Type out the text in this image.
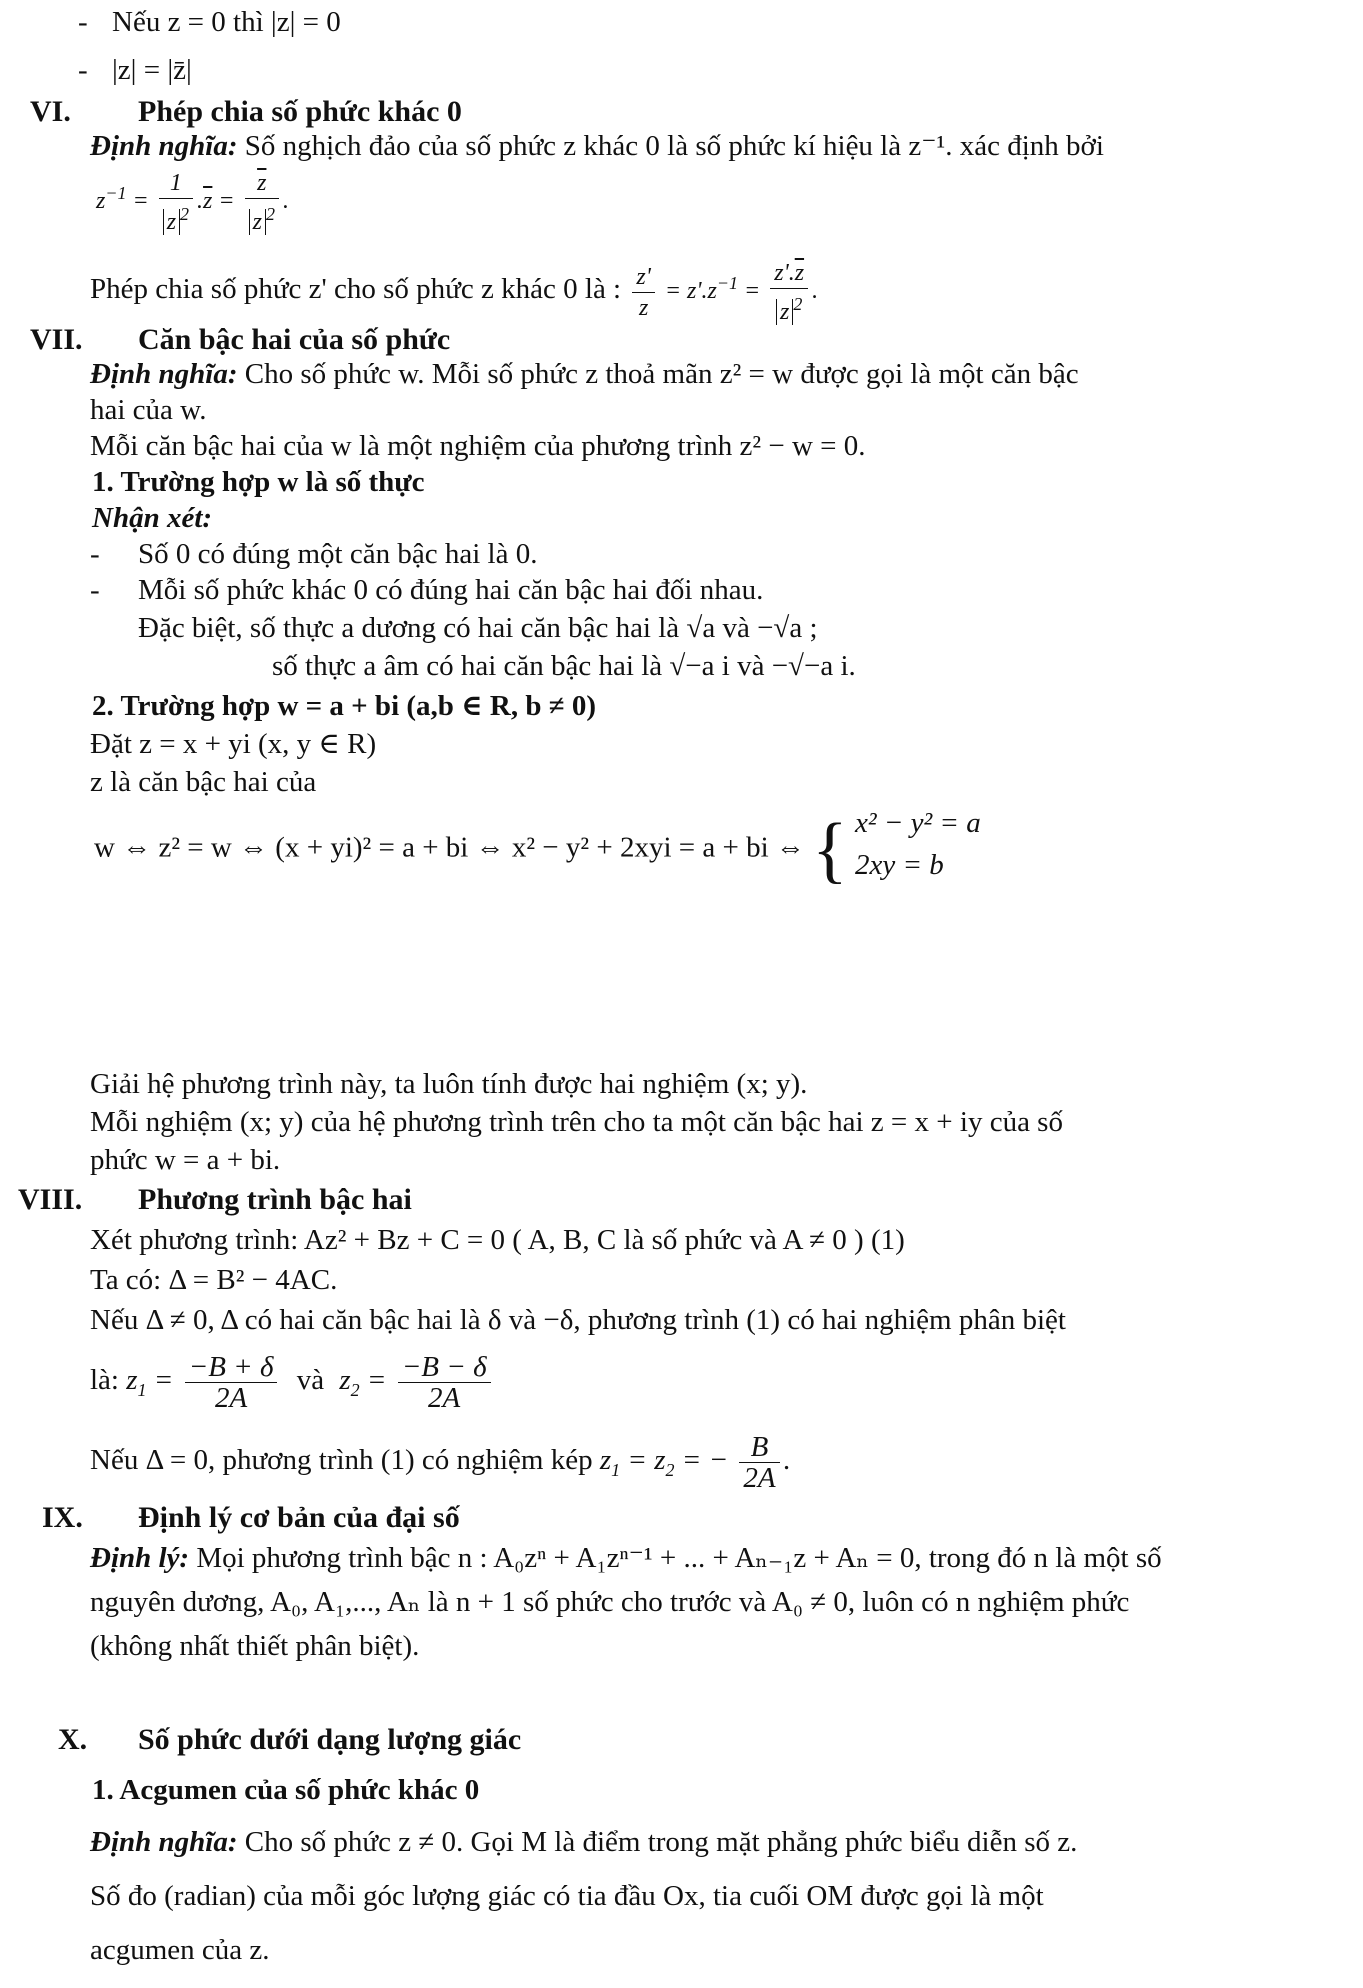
- Nếu z = 0 thì |z| = 0
- |z| = |z̄|
VI. Phép chia số phức khác 0
Định nghĩa: Số nghịch đảo của số phức z khác 0 là số phức kí hiệu là z⁻¹. xác định bởi
$z^{-1} = \frac{1}{z ^2} .\overline{z} = \frac{\overline{z}}{z ^2}$ .
Phép chia số phức z' cho số phức z khác 0 là : $\frac{z'}{z} = z'.z^{-1} = \frac{z'.\overline{z}}{z ^2}$ .
VII. Căn bậc hai của số phức
Định nghĩa: Cho số phức w. Mỗi số phức z thoả mãn z² = w được gọi là một căn bậc
hai của w.
Mỗi căn bậc hai của w là một nghiệm của phương trình z² − w = 0.
1. Trường hợp w là số thực
Nhận xét:
- Số 0 có đúng một căn bậc hai là 0.
- Mỗi số phức khác 0 có đúng hai căn bậc hai đối nhau.
Đặc biệt, số thực a dương có hai căn bậc hai là √a và −√a ;
số thực a âm có hai căn bậc hai là √−a i và −√−a i.
2. Trường hợp w = a + bi (a,b ∈ R, b ≠ 0)
Đặt z = x + yi (x, y ∈ R)
z là căn bậc hai của
w ⇔ z² = w ⇔ (x + yi)² = a + bi ⇔ x² − y² + 2xyi = a + bi ⇔ { x² − y² = a
2xy = b
Giải hệ phương trình này, ta luôn tính được hai nghiệm (x; y).
Mỗi nghiệm (x; y) của hệ phương trình trên cho ta một căn bậc hai z = x + iy của số
phức w = a + bi.
VIII. Phương trình bậc hai
Xét phương trình: Az² + Bz + C = 0 ( A, B, C là số phức và A ≠ 0 ) (1)
Ta có: Δ = B² − 4AC.
Nếu Δ ≠ 0, Δ có hai căn bậc hai là δ và −δ, phương trình (1) có hai nghiệm phân biệt
là: $z_1 = \frac{-B + \delta}{2A}$ và $z_2 = \frac{-B - \delta}{2A}$
Nếu Δ = 0, phương trình (1) có nghiệm kép $z_1 = z_2$ = − $\frac{B}{2A}$ .
IX. Định lý cơ bản của đại số
Định lý: Mọi phương trình bậc n : A₀zⁿ + A₁zⁿ⁻¹ + ... + Aₙ₋₁z + Aₙ = 0, trong đó n là một số
nguyên dương, A₀, A₁,..., Aₙ là n + 1 số phức cho trước và A₀ ≠ 0, luôn có n nghiệm phức
(không nhất thiết phân biệt).
X. Số phức dưới dạng lượng giác
1. Acgumen của số phức khác 0
Định nghĩa: Cho số phức z ≠ 0. Gọi M là điểm trong mặt phẳng phức biểu diễn số z.
Số đo (radian) của mỗi góc lượng giác có tia đầu Ox, tia cuối OM được gọi là một
acgumen của z.
